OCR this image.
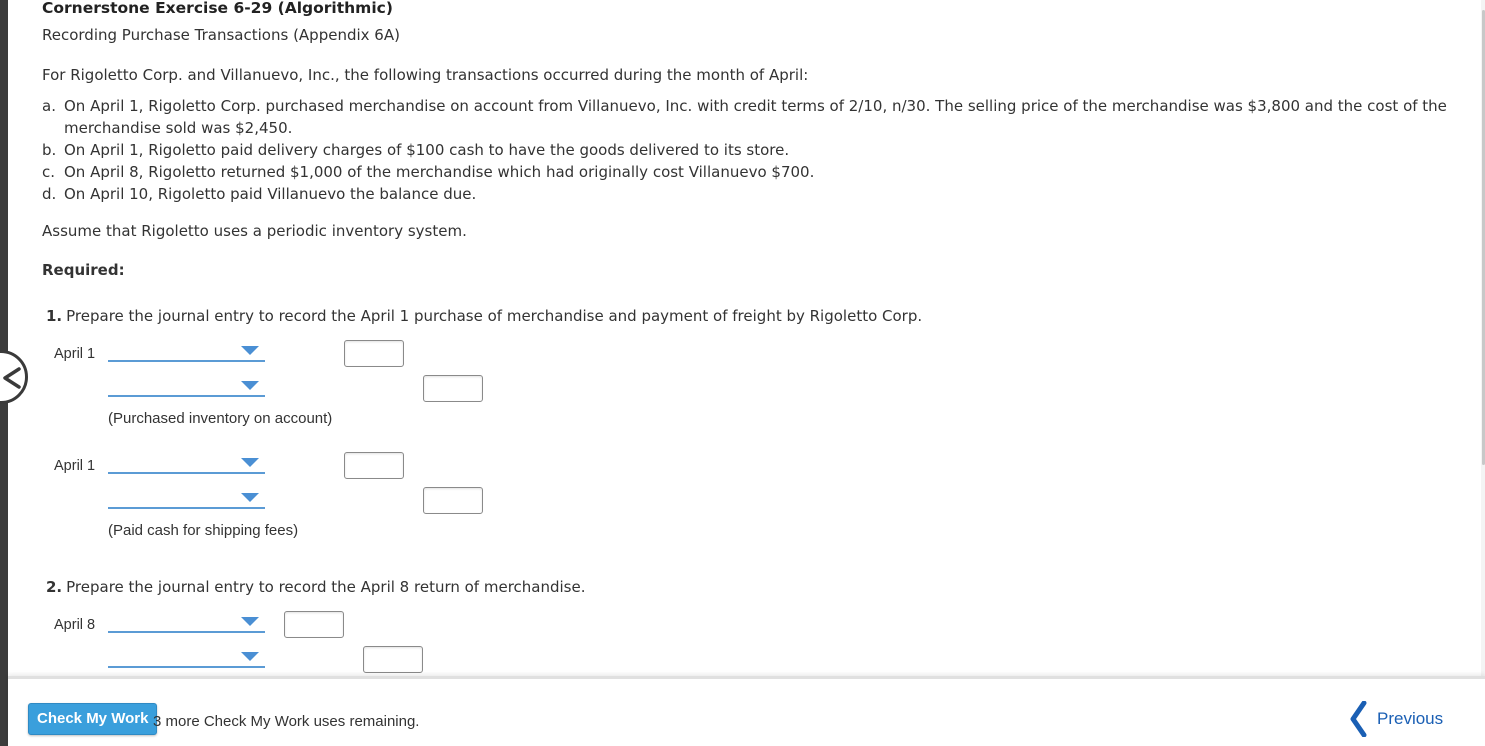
Cornerstone Exercise 6-29 (Algorithmic)
Recording Purchase Transactions (Appendix 6A)
For Rigoletto Corp. and Villanuevo, Inc., the following transactions occurred during the month of April:
a. On April 1, Rigoletto Corp. purchased merchandise on account from Villanuevo, Inc. with credit terms of 2/10, n/30. The selling price of the merchandise was $3,800 and the cost of the
merchandise sold was $2,450.
b. On April 1, Rigoletto paid delivery charges of $100 cash to have the goods delivered to its store.
c. On April 8, Rigoletto returned $1,000 of the merchandise which had originally cost Villanuevo $700.
d. On April 10, Rigoletto paid Villanuevo the balance due.
Assume that Rigoletto uses a periodic inventory system.
Required:
1. Prepare the journal entry to record the April 1 purchase of merchandise and payment of freight by Rigoletto Corp.
April 1
(Purchased inventory on account)
April 1
(Paid cash for shipping fees)
2. Prepare the journal entry to record the April 8 return of merchandise.
April 8
Check My Work 3 more Check My Work uses remaining.	Previous
